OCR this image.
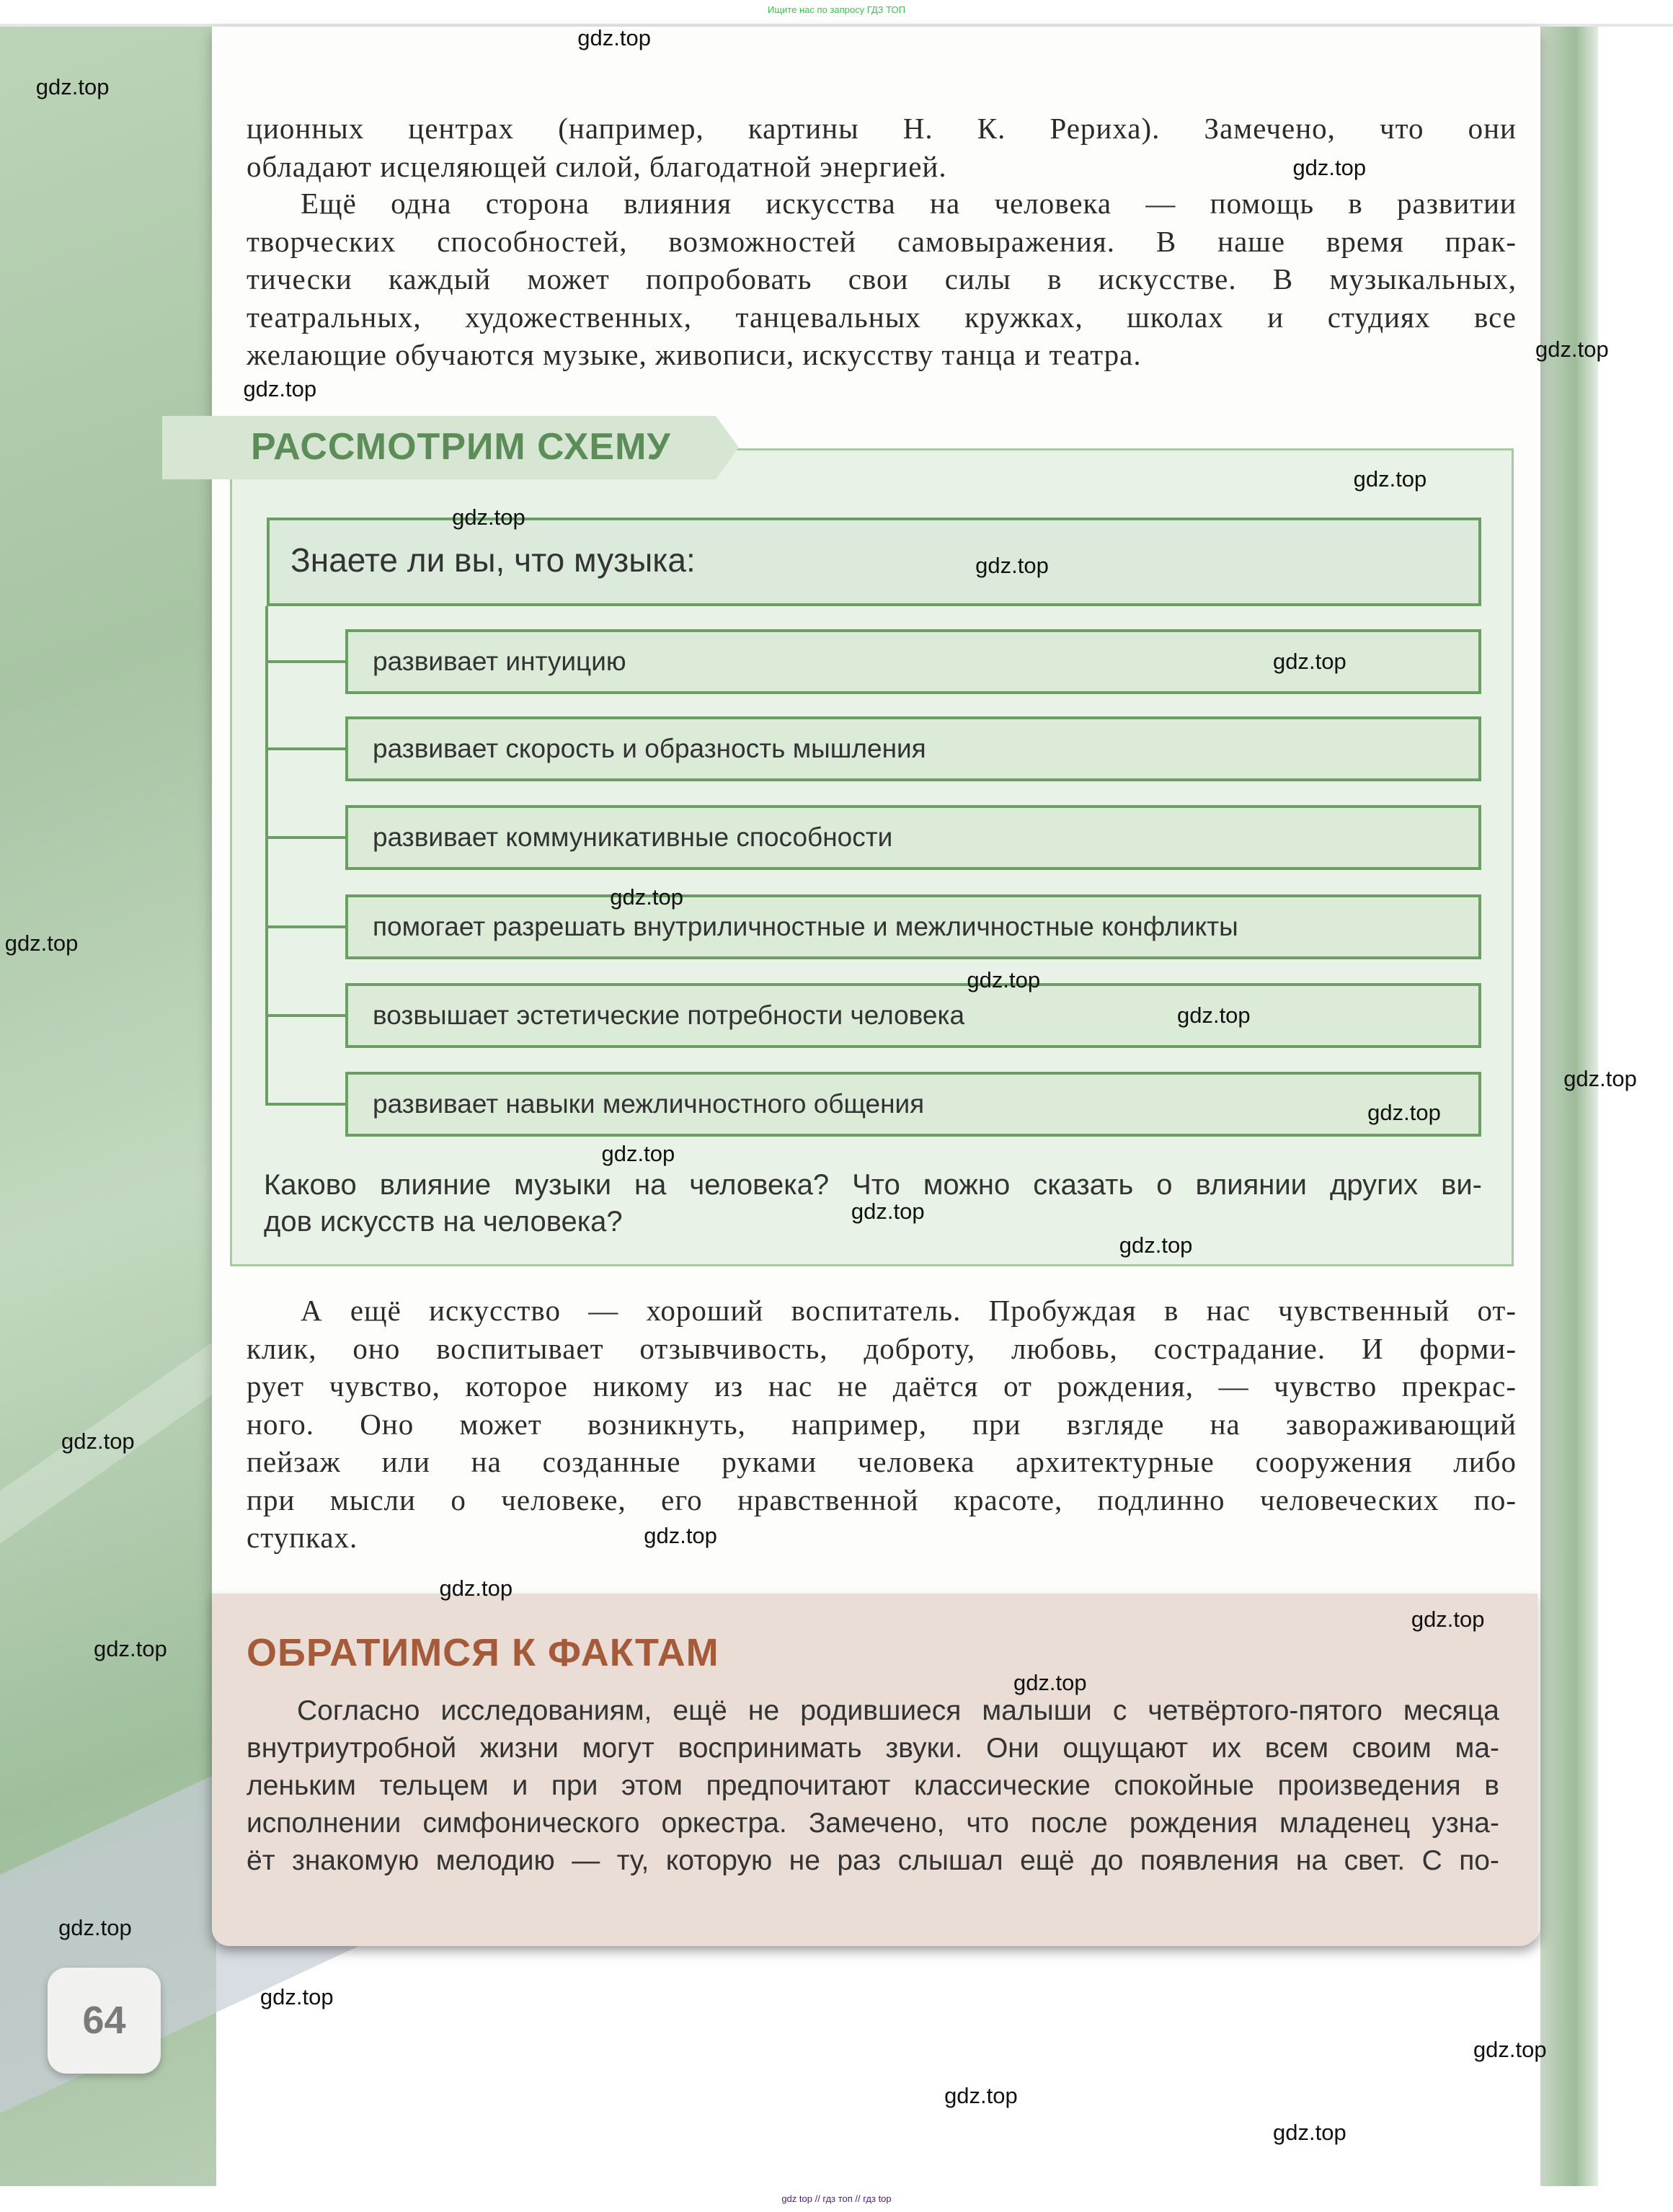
Ищите нас по запросу ГДЗ ТОП
ционных центрах (например, картины Н. К. Рериха). Замечено, что они
обладают исцеляющей силой, благодатной энергией.
Ещё одна сторона влияния искусства на человека — помощь в развитии
творческих способностей, возможностей самовыражения. В наше время прак-
тически каждый может попробовать свои силы в искусстве. В музыкальных,
театральных, художественных, танцевальных кружках, школах и студиях все
желающие обучаются музыке, живописи, искусству танца и театра.
А ещё искусство — хороший воспитатель. Пробуждая в нас чувственный от-
клик, оно воспитывает отзывчивость, доброту, любовь, сострадание. И форми-
рует чувство, которое никому из нас не даётся от рождения, — чувство прекрас-
ного. Оно может возникнуть, например, при взгляде на завораживающий
пейзаж или на созданные руками человека архитектурные сооружения либо
при мысли о человеке, его нравственной красоте, подлинно человеческих по-
ступках.
РАССМОТРИМ СХЕМУ
Знаете ли вы, что музыка:
развивает интуицию
развивает скорость и образность мышления
развивает коммуникативные способности
помогает разрешать внутриличностные и межличностные конфликты
возвышает эстетические потребности человека
развивает навыки межличностного общения
Каково влияние музыки на человека? Что можно сказать о влиянии других ви-
дов искусств на человека?
ОБРАТИМСЯ К ФАКТАМ
Согласно исследованиям, ещё не родившиеся малыши с четвёртого-пятого месяца
внутриутробной жизни могут воспринимать звуки. Они ощущают их всем своим ма-
леньким тельцем и при этом предпочитают классические спокойные произведения в
исполнении симфонического оркестра. Замечено, что после рождения младенец узна-
ёт знакомую мелодию — ту, которую не раз слышал ещё до появления на свет. С по-
64
gdz top // гдз топ // гдз top
gdz.top
gdz.top
gdz.top
gdz.top
gdz.top
gdz.top
gdz.top
gdz.top
gdz.top
gdz.top
gdz.top
gdz.top
gdz.top
gdz.top
gdz.top
gdz.top
gdz.top
gdz.top
gdz.top
gdz.top
gdz.top
gdz.top
gdz.top
gdz.top
gdz.top
gdz.top
gdz.top
gdz.top
gdz.top
